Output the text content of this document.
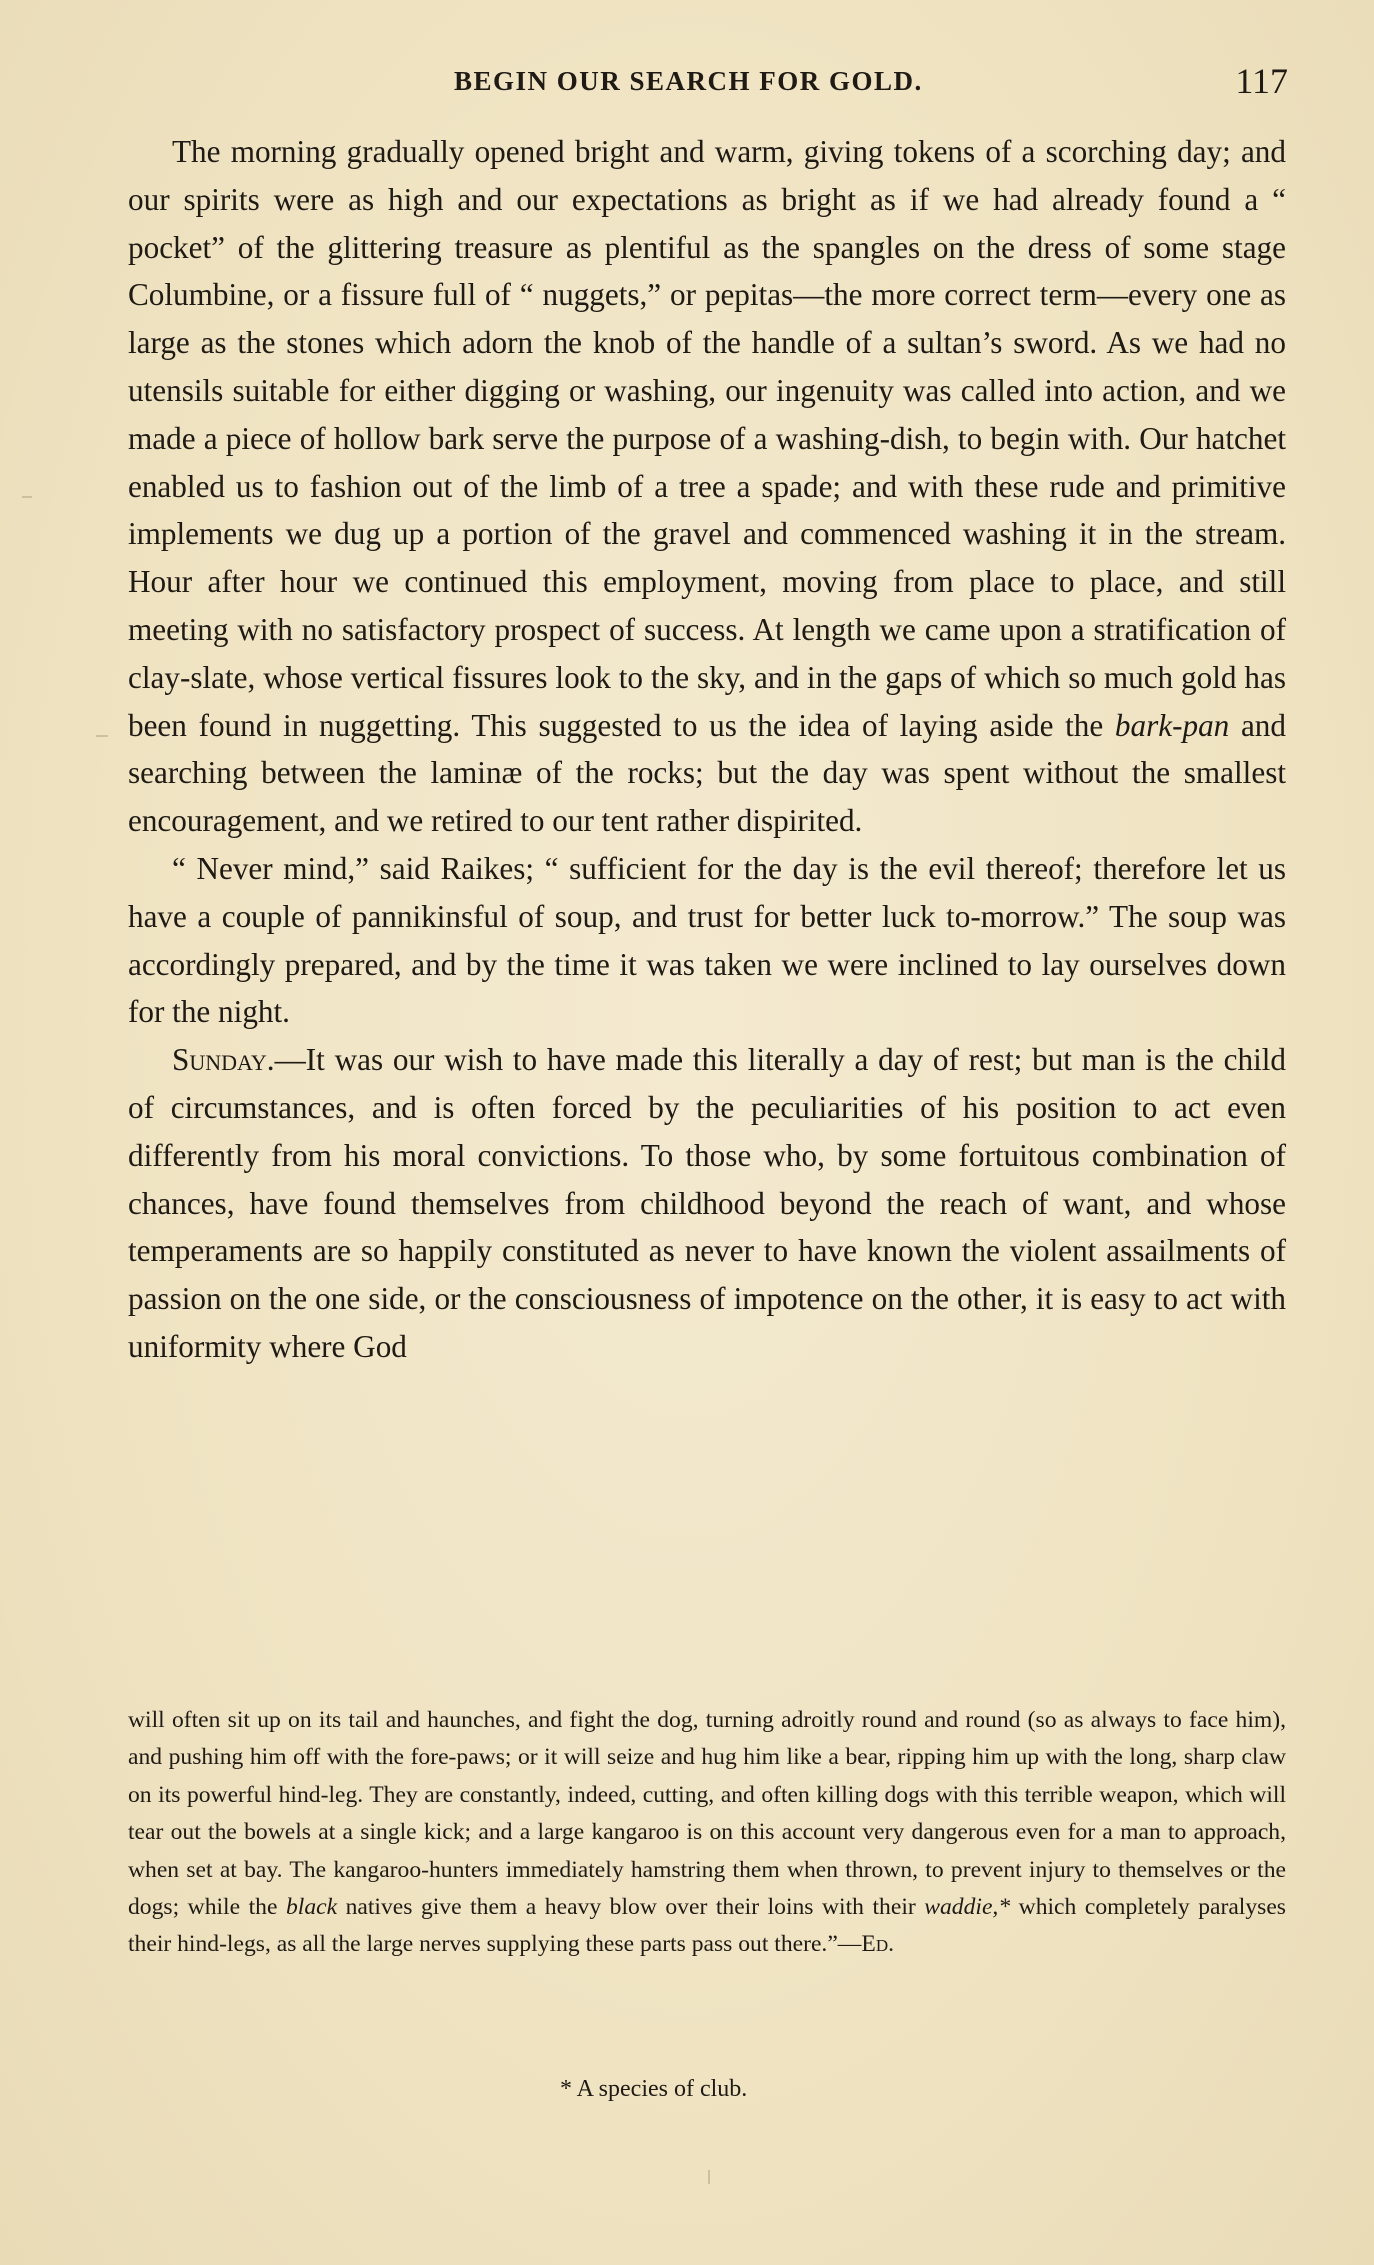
BEGIN OUR SEARCH FOR GOLD.	117

The morning gradually opened bright and warm, giving tokens of a scorching day; and our spirits were as high and our expectations as bright as if we had already found a “ pocket” of the glittering treasure as plentiful as the spangles on the dress of some stage Columbine, or a fissure full of “ nuggets,” or pepitas—the more correct term—every one as large as the stones which adorn the knob of the handle of a sultan’s sword. As we had no utensils suitable for either digging or washing, our ingenuity was called into action, and we made a piece of hollow bark serve the purpose of a washing-dish, to begin with. Our hatchet enabled us to fashion out of the limb of a tree a spade; and with these rude and primitive implements we dug up a portion of the gravel and commenced washing it in the stream. Hour after hour we continued this employment, moving from place to place, and still meeting with no satisfactory prospect of success. At length we came upon a stratification of clay-slate, whose vertical fissures look to the sky, and in the gaps of which so much gold has been found in nuggetting. This suggested to us the idea of laying aside the bark-pan and searching between the laminæ of the rocks; but the day was spent without the smallest encouragement, and we retired to our tent rather dispirited.

“ Never mind,” said Raikes; “ sufficient for the day is the evil thereof; therefore let us have a couple of pannikinsful of soup, and trust for better luck to-morrow.” The soup was accordingly prepared, and by the time it was taken we were inclined to lay ourselves down for the night.

Sunday.—It was our wish to have made this literally a day of rest; but man is the child of circumstances, and is often forced by the peculiarities of his position to act even differently from his moral convictions. To those who, by some fortuitous combination of chances, have found themselves from childhood beyond the reach of want, and whose temperaments are so happily constituted as never to have known the violent assailments of passion on the one side, or the consciousness of impotence on the other, it is easy to act with uniformity where God

will often sit up on its tail and haunches, and fight the dog, turning adroitly round and round (so as always to face him), and pushing him off with the fore-paws; or it will seize and hug him like a bear, ripping him up with the long, sharp claw on its powerful hind-leg. They are constantly, indeed, cutting, and often killing dogs with this terrible weapon, which will tear out the bowels at a single kick; and a large kangaroo is on this account very dangerous even for a man to approach, when set at bay. The kangaroo-hunters immediately hamstring them when thrown, to prevent injury to themselves or the dogs; while the black natives give them a heavy blow over their loins with their waddie,* which completely paralyses their hind-legs, as all the large nerves supplying these parts pass out there.”—Ed.

* A species of club.
